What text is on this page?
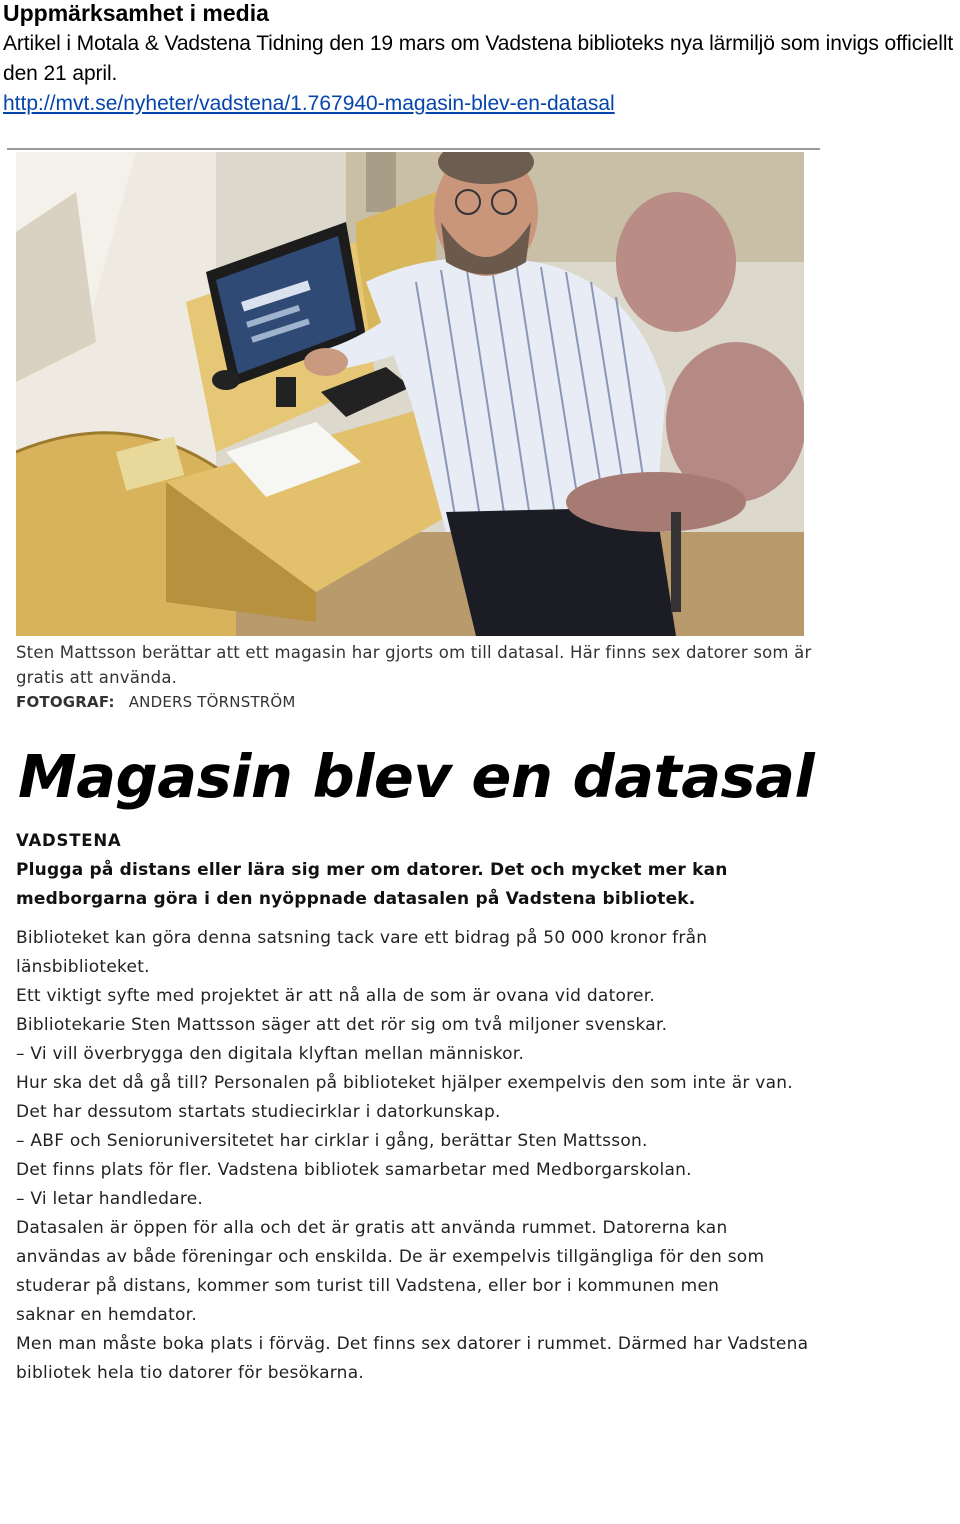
Uppmärksamhet i media

Artikel i Motala & Vadstena Tidning den 19 mars om Vadstena biblioteks nya lärmiljö som invigs officiellt den 21 april.

http://mvt.se/nyheter/vadstena/1.767940-magasin-blev-en-datasal

Sten Mattsson berättar att ett magasin har gjorts om till datasal. Här finns sex datorer som är gratis att använda.

FOTOGRAF: ANDERS TÖRNSTRÖM

Magasin blev en datasal

VADSTENA

Plugga på distans eller lära sig mer om datorer. Det och mycket mer kan medborgarna göra i den nyöppnade datasalen på Vadstena bibliotek.

Biblioteket kan göra denna satsning tack vare ett bidrag på 50 000 kronor från länsbiblioteket.

Ett viktigt syfte med projektet är att nå alla de som är ovana vid datorer.

Bibliotekarie Sten Mattsson säger att det rör sig om två miljoner svenskar.

– Vi vill överbrygga den digitala klyftan mellan människor.

Hur ska det då gå till? Personalen på biblioteket hjälper exempelvis den som inte är van. Det har dessutom startats studiecirklar i datorkunskap.

– ABF och Senioruniversitetet har cirklar i gång, berättar Sten Mattsson.

Det finns plats för fler. Vadstena bibliotek samarbetar med Medborgarskolan.

– Vi letar handledare.

Datasalen är öppen för alla och det är gratis att använda rummet. Datorerna kan användas av både föreningar och enskilda. De är exempelvis tillgängliga för den som studerar på distans, kommer som turist till Vadstena, eller bor i kommunen men

saknar en hemdator.

Men man måste boka plats i förväg. Det finns sex datorer i rummet. Därmed har Vadstena bibliotek hela tio datorer för besökarna.
